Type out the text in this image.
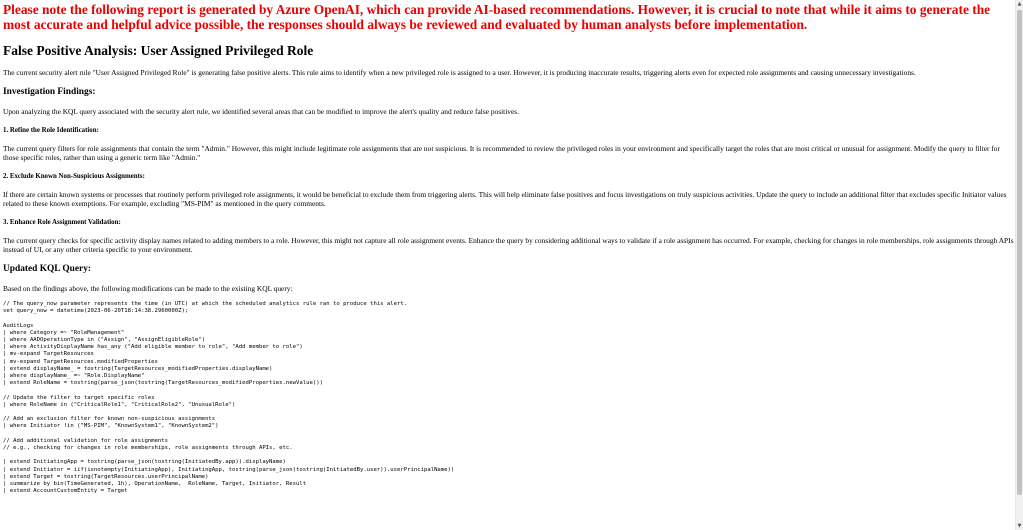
Please note the following report is generated by Azure OpenAI, which can provide AI-based recommendations. However, it is crucial to note that while it aims to generate the most accurate and helpful advice possible, the responses should always be reviewed and evaluated by human analysts before implementation.
False Positive Analysis: User Assigned Privileged Role

The current security alert rule "User Assigned Privileged Role" is generating false positive alerts. This rule aims to identify when a new privileged role is assigned to a user. However, it is producing inaccurate results, triggering alerts even for expected role assignments and causing unnecessary investigations.

Investigation Findings:

Upon analyzing the KQL query associated with the security alert rule, we identified several areas that can be modified to improve the alert's quality and reduce false positives.

1. Refine the Role Identification:

The current query filters for role assignments that contain the term "Admin." However, this might include legitimate role assignments that are not suspicious. It is recommended to review the privileged roles in your environment and specifically target the roles that are most critical or unusual for assignment. Modify the query to filter for those specific roles, rather than using a generic term like "Admin."

2. Exclude Known Non-Suspicious Assignments:

If there are certain known systems or processes that routinely perform privileged role assignments, it would be beneficial to exclude them from triggering alerts. This will help eliminate false positives and focus investigations on truly suspicious activities. Update the query to include an additional filter that excludes specific Initiator values related to these known exemptions. For example, excluding "MS-PIM" as mentioned in the query comments.

3. Enhance Role Assignment Validation:

The current query checks for specific activity display names related to adding members to a role. However, this might not capture all role assignment events. Enhance the query by considering additional ways to validate if a role assignment has occurred. For example, checking for changes in role memberships, role assignments through APIs instead of UI, or any other criteria specific to your environment.

Updated KQL Query:

Based on the findings above, the following modifications can be made to the existing KQL query:

// The query_now parameter represents the time (in UTC) at which the scheduled analytics rule ran to produce this alert.
set query_now = datetime(2023-06-20T18:14:38.2960000Z);

AuditLogs
| where Category =~ "RoleManagement"
| where AADOperationType in ("Assign", "AssignEligibleRole")
| where ActivityDisplayName has_any ("Add eligible member to role", "Add member to role")
| mv-expand TargetResources
| mv-expand TargetResources.modifiedProperties
| extend displayName_ = tostring(TargetResources_modifiedProperties.displayName)
| where displayName_ =~ "Role.DisplayName"
| extend RoleName = tostring(parse_json(tostring(TargetResources_modifiedProperties.newValue)))

// Update the filter to target specific roles
| where RoleName in ("CriticalRole1", "CriticalRole2", "UnusualRole")

// Add an exclusion filter for known non-suspicious assignments
| where Initiator !in ("MS-PIM", "KnownSystem1", "KnownSystem2")

// Add additional validation for role assignments
// e.g., checking for changes in role memberships, role assignments through APIs, etc.

| extend InitiatingApp = tostring(parse_json(tostring(InitiatedBy.app)).displayName)
| extend Initiator = iif(isnotempty(InitiatingApp), InitiatingApp, tostring(parse_json(tostring(InitiatedBy.user)).userPrincipalName))
| extend Target = tostring(TargetResources.userPrincipalName)
| summarize by bin(TimeGenerated, 1h), OperationName,  RoleName, Target, Initiator, Result
| extend AccountCustomEntity = Target
▲
▼
